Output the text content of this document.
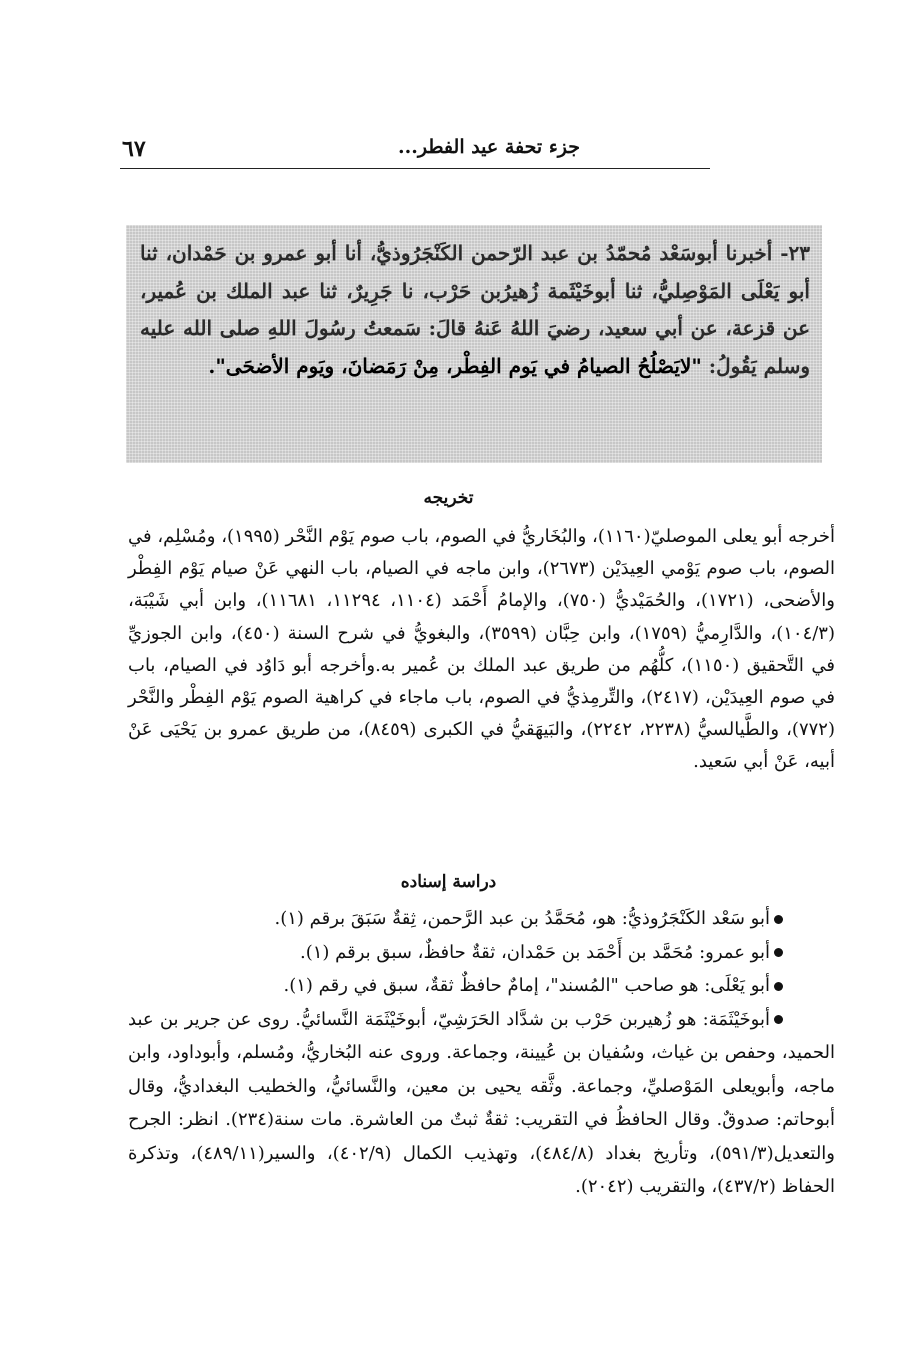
جزء تحفة عيد الفطر...
٦٧
٢٣- أخبرنا أبوسَعْد مُحمّدُ بن عبد الرّحمن الكَنْجَرُوذيُّ، أنا أبو عمرو بن حَمْدان، ثنا أبو يَعْلَى المَوْصِليُّ، ثنا أبوخَيْثَمة زُهيرُبن حَرْب، نا جَرِيرٌ، ثنا عبد الملك بن عُمير، عن قزعة، عن أبي سعيد، رضيَ اللهُ عَنهُ قالَ: سَمعتُ رسُولَ اللهِ صلى الله عليه وسلم يَقُولُ: "لايَصْلُحُ الصيامُ في يَوم الفِطْر، مِنْ رَمَضانَ، ويَوم الأضحَى".
تخريجه
أخرجه أبو يعلى الموصليّ(١١٦٠)، والبُخَاريُّ في الصوم، باب صوم يَوْم النَّحْر (١٩٩٥)، ومُسْلِم، في الصوم، باب صوم يَوْمي العِيدَيْن (٢٦٧٣)، وابن ماجه في الصيام، باب النهي عَنْ صيام يَوْم الفِطْر والأضحى، (١٧٢١)، والحُمَيْديُّ (٧٥٠)، والإمامُ أَحْمَد (١١٠٤، ١١٢٩٤، ١١٦٨١)، وابن أبي شَيْبَة، (١٠٤/٣)، والدَّارِميُّ (١٧٥٩)، وابن حِبَّان (٣٥٩٩)، والبغويُّ في شرح السنة (٤٥٠)، وابن الجوزيِّ في التَّحقيق (١١٥٠)، كلُّهُم من طريق عبد الملك بن عُمير به.وأخرجه أبو دَاوُد في الصيام، باب في صوم العِيدَيْن، (٢٤١٧)، والتِّرمِذيُّ في الصوم، باب ماجاء في كراهية الصوم يَوْم الفِطْر والنَّحْر (٧٧٢)، والطَّيالسيُّ (٢٢٣٨، ٢٢٤٢)، والبَيهَقيُّ في الكبرى (٨٤٥٩)، من طريق عمرو بن يَحْيَى عَنْ أبيه، عَنْ أبي سَعيد.
دراسة إسناده
أبو سَعْد الكَنْجَرُوذيُّ: هو، مُحَمَّدُ بن عبد الرَّحمن، ثِقةٌ سَبَقَ برقم (١).
أبو عمرو: مُحَمَّد بن أَحْمَد بن حَمْدان، ثقةٌ حافظٌ، سبق برقم (١).
أبو يَعْلَى: هو صاحب "المُسند"، إمامٌ حافظٌ ثقةٌ، سبق في رقم (١).
أبوخَيْثَمَة: هو زُهيربن حَرْب بن شدَّاد الحَرَشِيّ، أبوخَيْثَمَة النَّسائيُّ. روى عن جرير بن عبد الحميد، وحفص بن غياث، وسُفيان بن عُيينة، وجماعة. وروى عنه البُخاريُّ، ومُسلم، وأبوداود، وابن ماجه، وأبويعلى المَوْصليِّ، وجماعة. وثَّقه يحيى بن معين، والنَّسائيُّ، والخطيب البغداديُّ، وقال أبوحاتم: صدوقٌ. وقال الحافظُ في التقريب: ثقةٌ ثبتٌ من العاشرة. مات سنة(٢٣٤). انظر: الجرح والتعديل(٥٩١/٣)، وتأريخ بغداد (٤٨٤/٨)، وتهذيب الكمال (٤٠٢/٩)، والسير(٤٨٩/١١)، وتذكرة الحفاظ (٤٣٧/٢)، والتقريب (٢٠٤٢).
